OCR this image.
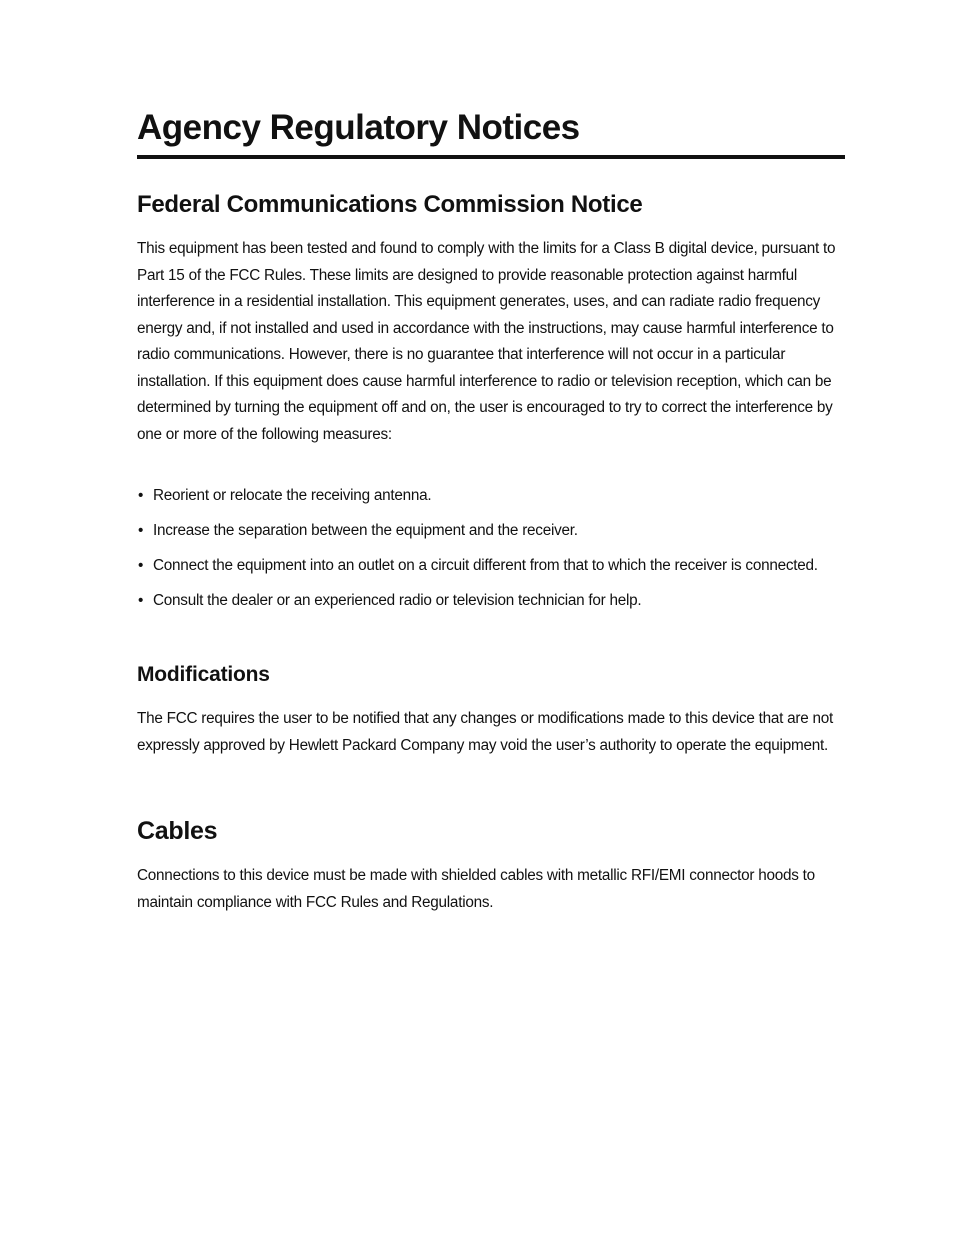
Agency Regulatory Notices
Federal Communications Commission Notice

This equipment has been tested and found to comply with the limits for a Class B digital device, pursuant to Part 15 of the FCC Rules. These limits are designed to provide reasonable protection against harmful interference in a residential installation. This equipment generates, uses, and can radiate radio frequency energy and, if not installed and used in accordance with the instructions, may cause harmful interference to radio communications. However, there is no guarantee that interference will not occur in a particular installation. If this equipment does cause harmful interference to radio or television reception, which can be determined by turning the equipment off and on, the user is encouraged to try to correct the interference by one or more of the following measures:

• Reorient or relocate the receiving antenna.
• Increase the separation between the equipment and the receiver.
• Connect the equipment into an outlet on a circuit different from that to which the receiver is connected.
• Consult the dealer or an experienced radio or television technician for help.
Modifications

The FCC requires the user to be notified that any changes or modifications made to this device that are not expressly approved by Hewlett Packard Company may void the user’s authority to operate the equipment.

Cables

Connections to this device must be made with shielded cables with metallic RFI/EMI connector hoods to maintain compliance with FCC Rules and Regulations.
